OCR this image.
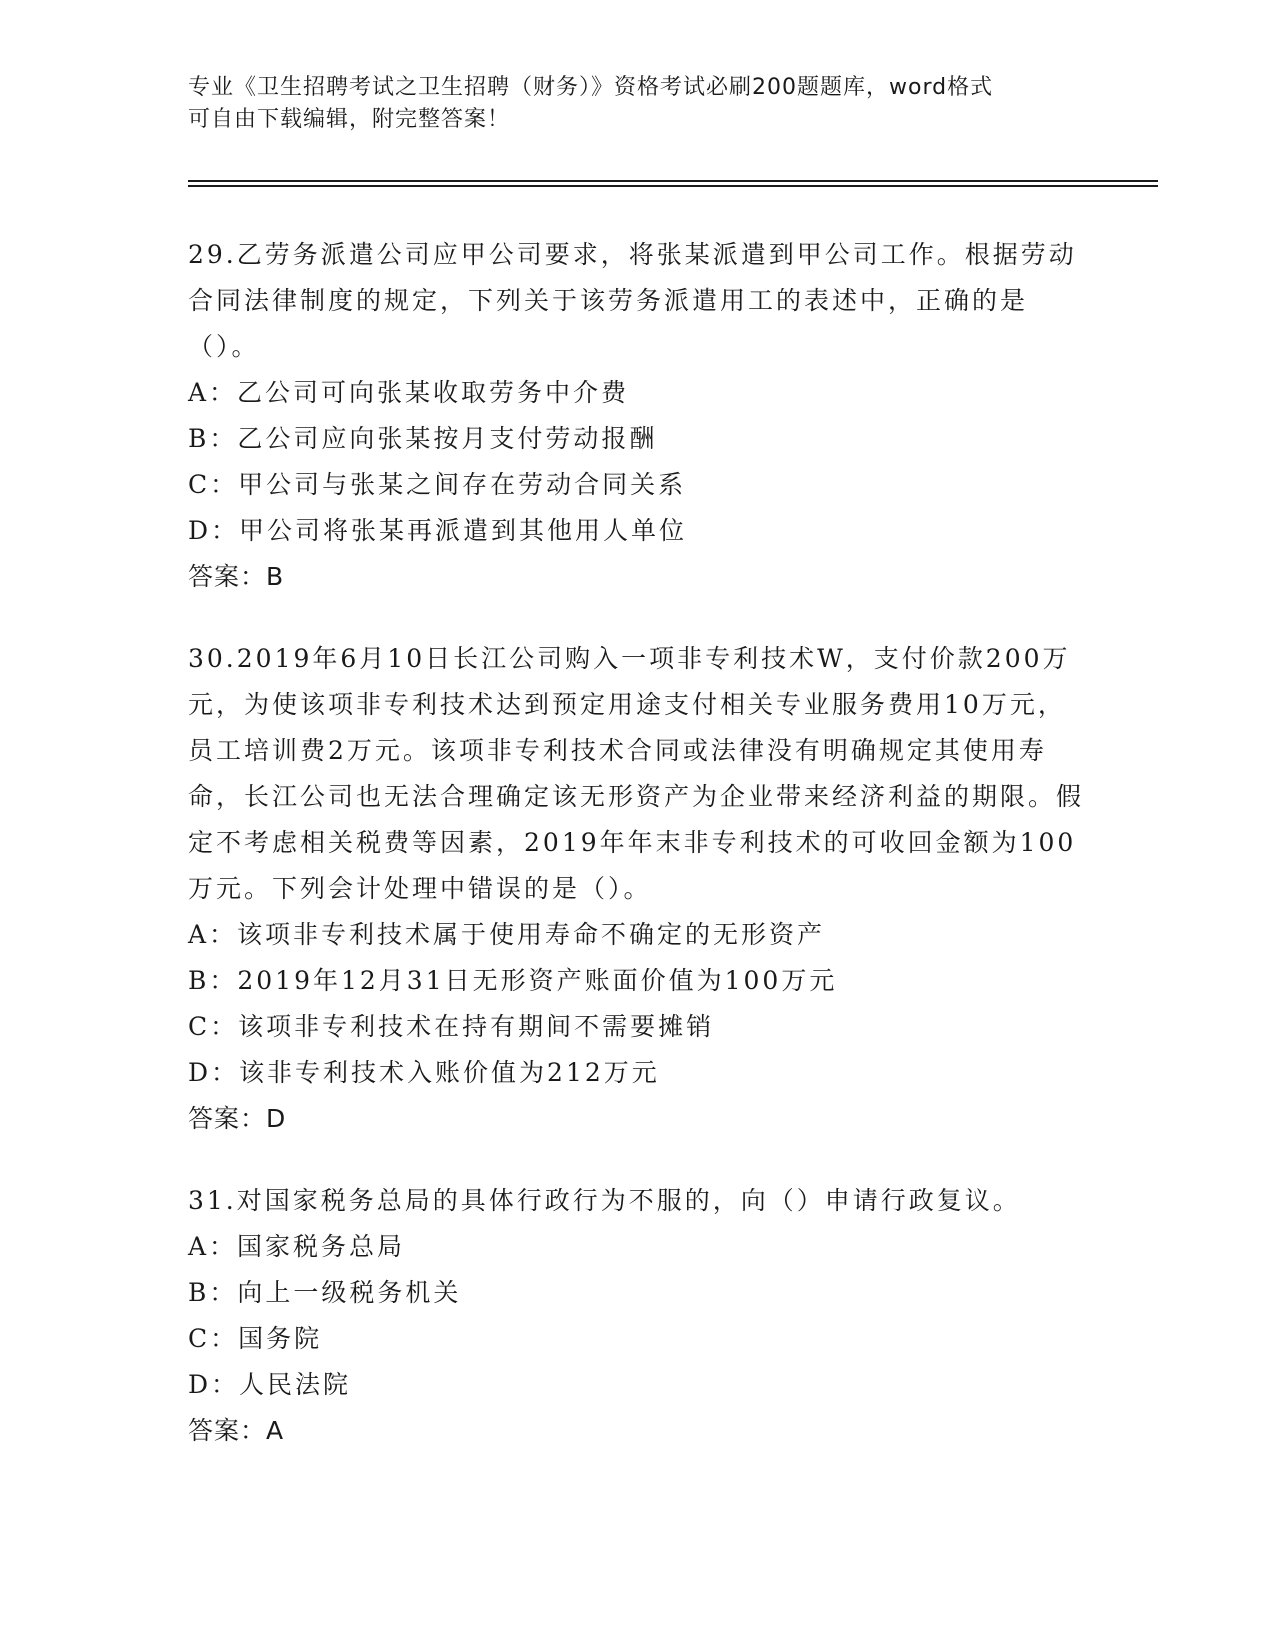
专业《卫生招聘考试之卫生招聘（财务）》资格考试必刷200题题库，word格式
可自由下载编辑，附完整答案！

29.乙劳务派遣公司应甲公司要求，将张某派遣到甲公司工作。根据劳动合同法律制度的规定，下列关于该劳务派遣用工的表述中，正确的是（）。

A：乙公司可向张某收取劳务中介费

B：乙公司应向张某按月支付劳动报酬

C：甲公司与张某之间存在劳动合同关系

D：甲公司将张某再派遣到其他用人单位

答案：B

30.2019年6月10日长江公司购入一项非专利技术W，支付价款200万元，为使该项非专利技术达到预定用途支付相关专业服务费用10万元，员工培训费2万元。该项非专利技术合同或法律没有明确规定其使用寿命，长江公司也无法合理确定该无形资产为企业带来经济利益的期限。假定不考虑相关税费等因素，2019年年末非专利技术的可收回金额为100万元。下列会计处理中错误的是（）。

A：该项非专利技术属于使用寿命不确定的无形资产

B：2019年12月31日无形资产账面价值为100万元

C：该项非专利技术在持有期间不需要摊销

D：该非专利技术入账价值为212万元

答案：D

31.对国家税务总局的具体行政行为不服的，向（）申请行政复议。

A：国家税务总局

B：向上一级税务机关

C：国务院

D：人民法院

答案：A
